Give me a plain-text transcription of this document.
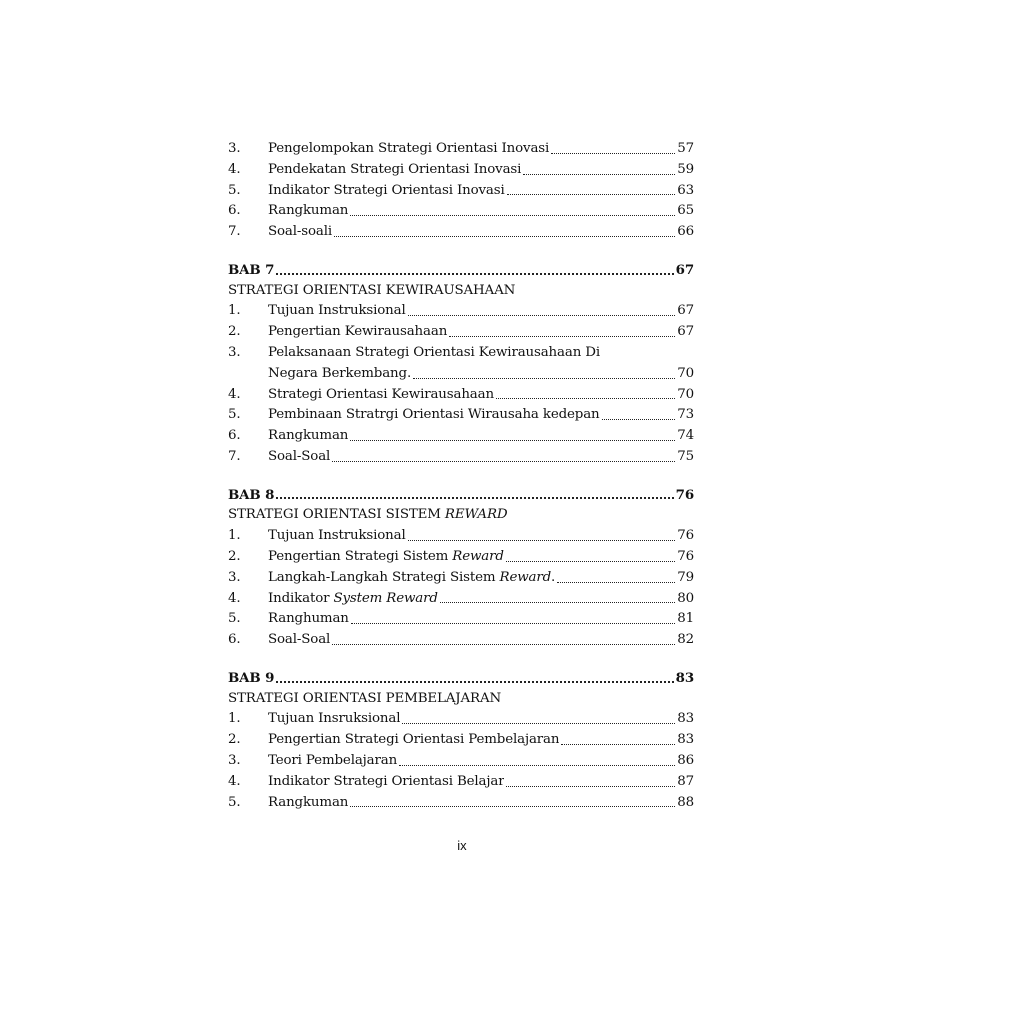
3.	Pengelompokan Strategi Orientasi Inovasi	57
4.	Pendekatan Strategi Orientasi Inovasi	59
5.	Indikator Strategi Orientasi Inovasi	63
6.	Rangkuman	65
7.	Soal-soali	66
BAB 7	67
STRATEGI ORIENTASI KEWIRAUSAHAAN
1.	Tujuan Instruksional	67
2.	Pengertian Kewirausahaan	67
3.	Pelaksanaan Strategi Orientasi Kewirausahaan Di
Negara Berkembang.	70
4.	Strategi Orientasi Kewirausahaan	70
5.	Pembinaan Stratrgi Orientasi Wirausaha kedepan	73
6.	Rangkuman	74
7.	Soal-Soal	75
BAB 8	76
STRATEGI ORIENTASI SISTEM REWARD
1.	Tujuan Instruksional	76
2.	Pengertian Strategi Sistem Reward	76
3.	Langkah-Langkah Strategi Sistem Reward.	79
4.	Indikator System Reward	80
5.	Ranghuman	81
6.	Soal-Soal	82
BAB 9	83
STRATEGI ORIENTASI PEMBELAJARAN
1.	Tujuan Insruksional	83
2.	Pengertian Strategi Orientasi Pembelajaran	83
3.	Teori Pembelajaran	86
4.	Indikator Strategi Orientasi Belajar	87
5.	Rangkuman	88
ix
